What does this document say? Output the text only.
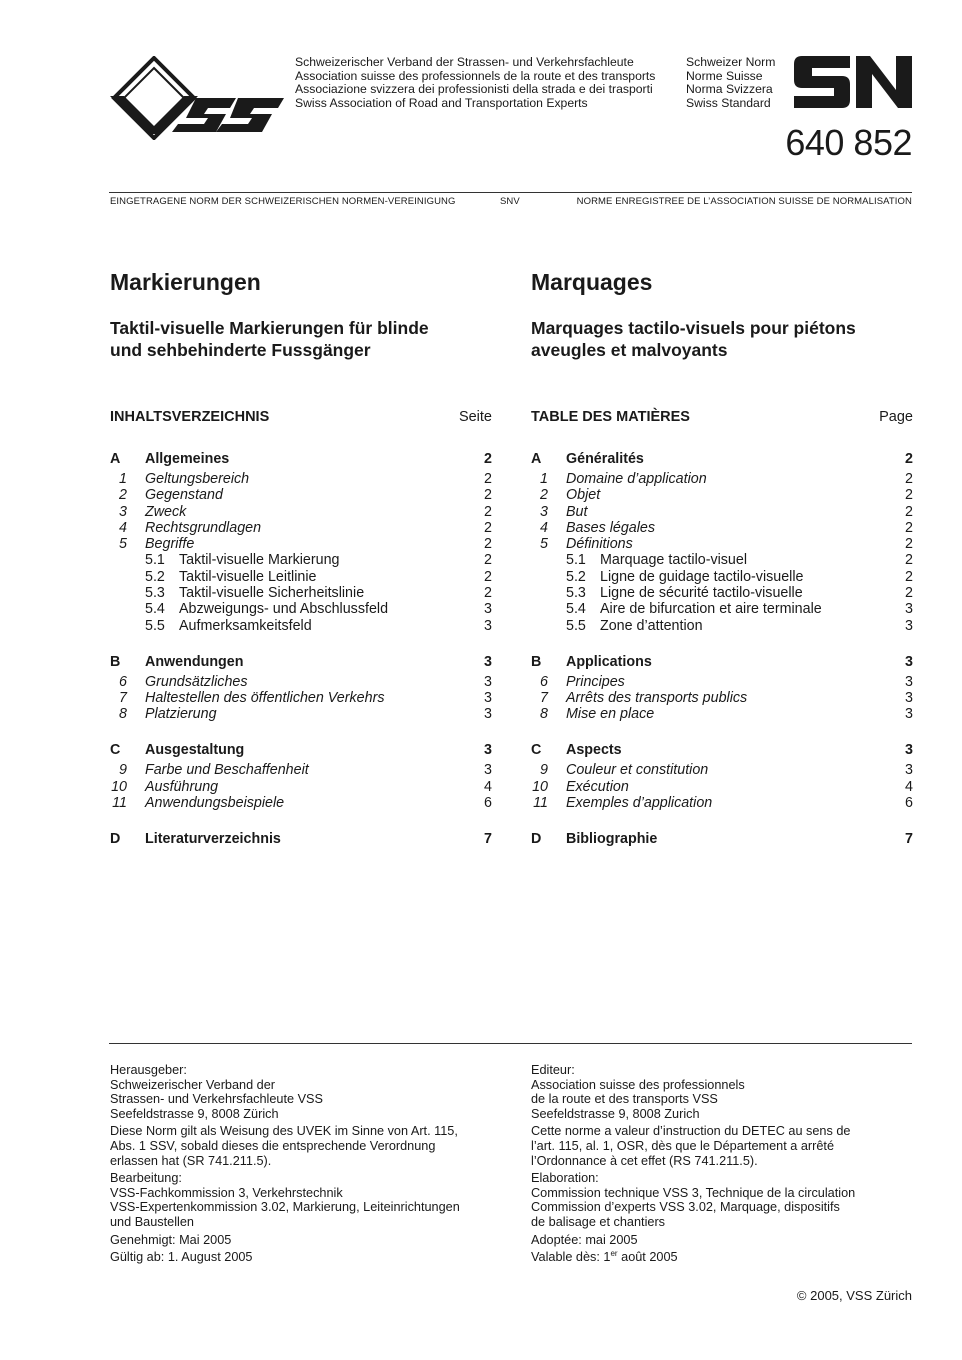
Schweizerischer Verband der Strassen- und Verkehrsfachleute
Association suisse des professionnels de la route et des transports
Associazione svizzera dei professionisti della strada e dei trasporti
Swiss Association of Road and Transportation Experts
Schweizer Norm
Norme Suisse
Norma Svizzera
Swiss Standard
640 852
EINGETRAGENE NORM DER SCHWEIZERISCHEN NORMEN-VEREINIGUNG	SNV	NORME ENREGISTREE DE L’ASSOCIATION SUISSE DE NORMALISATION
Markierungen
Taktil-visuelle Markierungen für blinde
und sehbehinderte Fussgänger
INHALTSVERZEICHNIS	Seite
A	Allgemeines	2
1 Geltungsbereich	2
2 Gegenstand	2
3 Zweck	2
4 Rechtsgrundlagen	2
5 Begriffe	2
5.1 Taktil-visuelle Markierung	2
5.2 Taktil-visuelle Leitlinie	2
5.3 Taktil-visuelle Sicherheitslinie	2
5.4 Abzweigungs- und Abschlussfeld	3
5.5 Aufmerksamkeitsfeld	3
B	Anwendungen	3
6 Grundsätzliches	3
7 Haltestellen des öffentlichen Verkehrs	3
8 Platzierung	3
C	Ausgestaltung	3
9 Farbe und Beschaffenheit	3
10 Ausführung	4
11 Anwendungsbeispiele	6
D	Literaturverzeichnis	7
Marquages
Marquages tactilo-visuels pour piétons
aveugles et malvoyants
TABLE DES MATIÈRES	Page
A	Généralités	2
1 Domaine d’application	2
2 Objet	2
3 But	2
4 Bases légales	2
5 Définitions	2
5.1 Marquage tactilo-visuel	2
5.2 Ligne de guidage tactilo-visuelle	2
5.3 Ligne de sécurité tactilo-visuelle	2
5.4 Aire de bifurcation et aire terminale	3
5.5 Zone d’attention	3
B	Applications	3
6 Principes	3
7 Arrêts des transports publics	3
8 Mise en place	3
C	Aspects	3
9 Couleur et constitution	3
10 Exécution	4
11 Exemples d’application	6
D	Bibliographie	7

Herausgeber:

Schweizerischer Verband der

Strassen- und Verkehrsfachleute VSS

Seefeldstrasse 9, 8008 Zürich

Diese Norm gilt als Weisung des UVEK im Sinne von Art. 115,

Abs. 1 SSV, sobald dieses die entsprechende Verordnung

erlassen hat (SR 741.211.5).

Bearbeitung:

VSS-Fachkommission 3, Verkehrstechnik

VSS-Expertenkommission 3.02, Markierung, Leiteinrichtungen

und Baustellen

Genehmigt: Mai 2005

Gültig ab: 1. August 2005

Editeur:

Association suisse des professionnels

de la route et des transports VSS

Seefeldstrasse 9, 8008 Zurich

Cette norme a valeur d’instruction du DETEC au sens de

l’art. 115, al. 1, OSR, dès que le Département a arrêté

l’Ordonnance à cet effet (RS 741.211.5).

Elaboration:

Commission technique VSS 3, Technique de la circulation

Commission d’experts VSS 3.02, Marquage, dispositifs

de balisage et chantiers

Adoptée: mai 2005

Valable dès: 1er août 2005

© 2005, VSS Zürich
